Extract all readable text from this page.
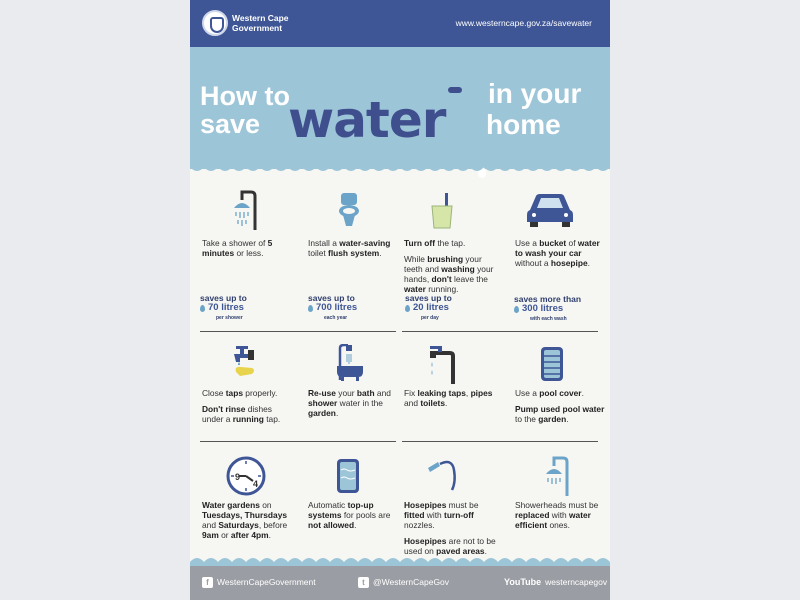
Western Cape
Government	www.westerncape.gov.za/savewater
How to
save water in your
home
Take a shower of 5 minutes or less.
saves up to
70 litres
per shower
Install a water-saving toilet flush system.
saves up to
700 litres
each year

Turn off the tap.

While brushing your teeth and washing your hands, don't leave the water running.

saves up to
20 litres
per day
Use a bucket of water to wash your car without a hosepipe.
saves more than
300 litres
with each wash

Close taps properly.

Don't rinse dishes under a running tap.

Re-use your bath and shower water in the garden.
Fix leaking taps, pipes and toilets.

Use a pool cover.

Pump used pool water to the garden.

9
4
Water gardens on Tuesdays, Thursdays and Saturdays, before 9am or after 4pm.
Automatic top-up systems for pools are not allowed.

Hosepipes must be fitted with turn-off nozzles.

Hosepipes are not to be used on paved areas.

Showerheads must be replaced with water efficient ones.
f WesternCapeGovernment	t @WesternCapeGov	YouTube westerncapegov
